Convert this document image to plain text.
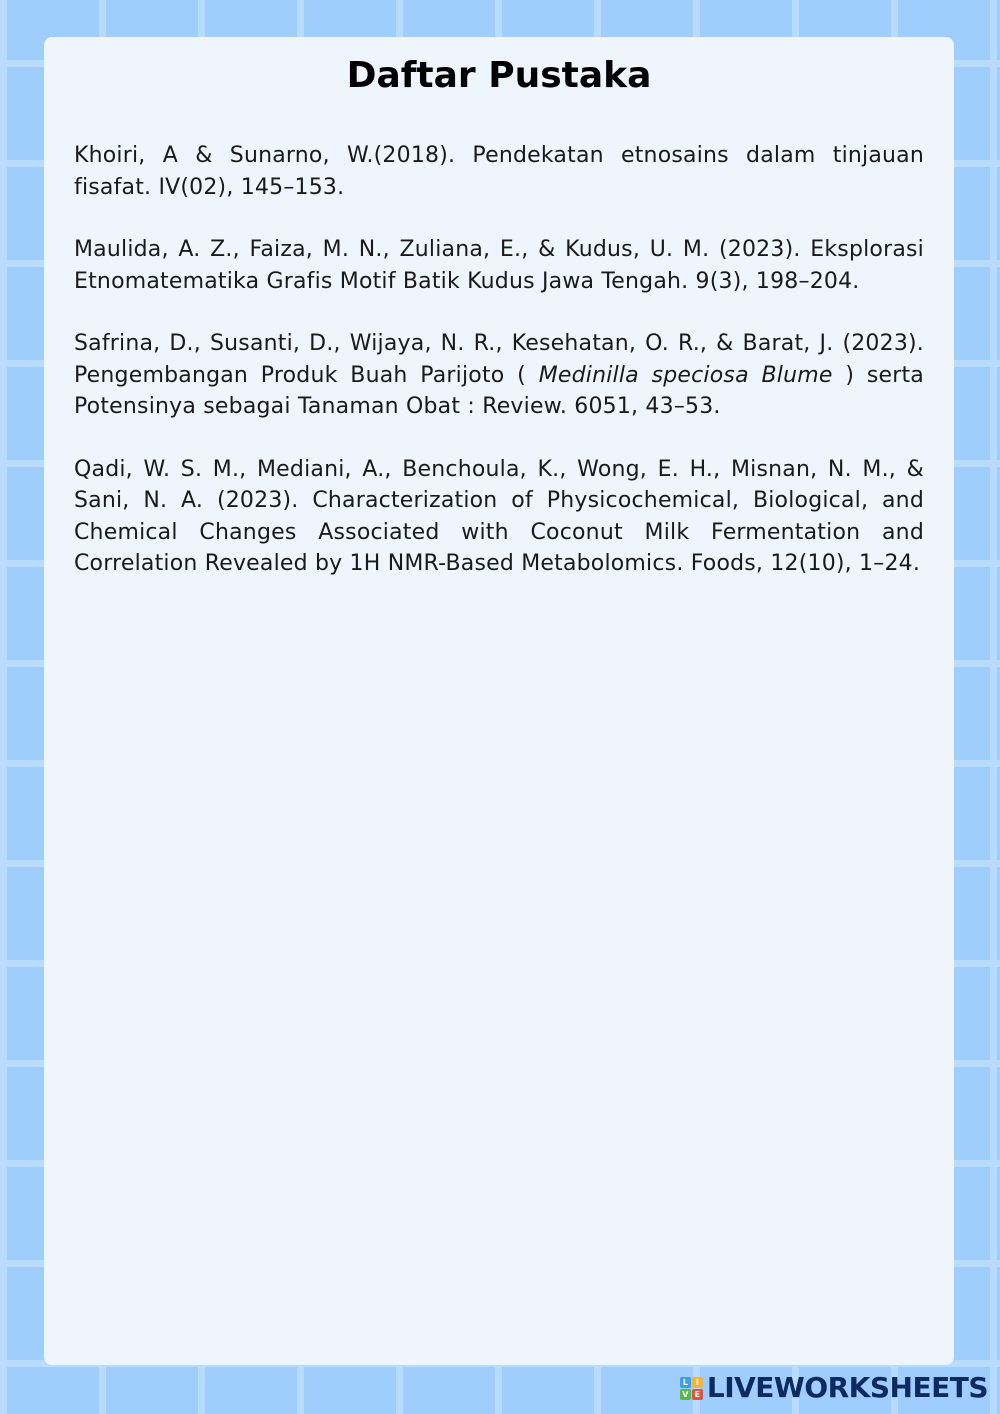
Daftar Pustaka

Khoiri, A & Sunarno, W.(2018). Pendekatan etnosains dalam tinjauan fisafat. IV(02), 145–153.

Maulida, A. Z., Faiza, M. N., Zuliana, E., & Kudus, U. M. (2023). Eksplorasi Etnomatematika Grafis Motif Batik Kudus Jawa Tengah. 9(3), 198–204.

Safrina, D., Susanti, D., Wijaya, N. R., Kesehatan, O. R., & Barat, J. (2023). Pengembangan Produk Buah Parijoto ( Medinilla speciosa Blume ) serta Potensinya sebagai Tanaman Obat : Review. 6051, 43–53.

Qadi, W. S. M., Mediani, A., Benchoula, K., Wong, E. H., Misnan, N. M., & Sani, N. A. (2023). Characterization of Physicochemical, Biological, and Chemical Changes Associated with Coconut Milk Fermentation and Correlation Revealed by 1H NMR-Based Metabolomics. Foods, 12(10), 1–24.

L I
V E LIVEWORKSHEETS
